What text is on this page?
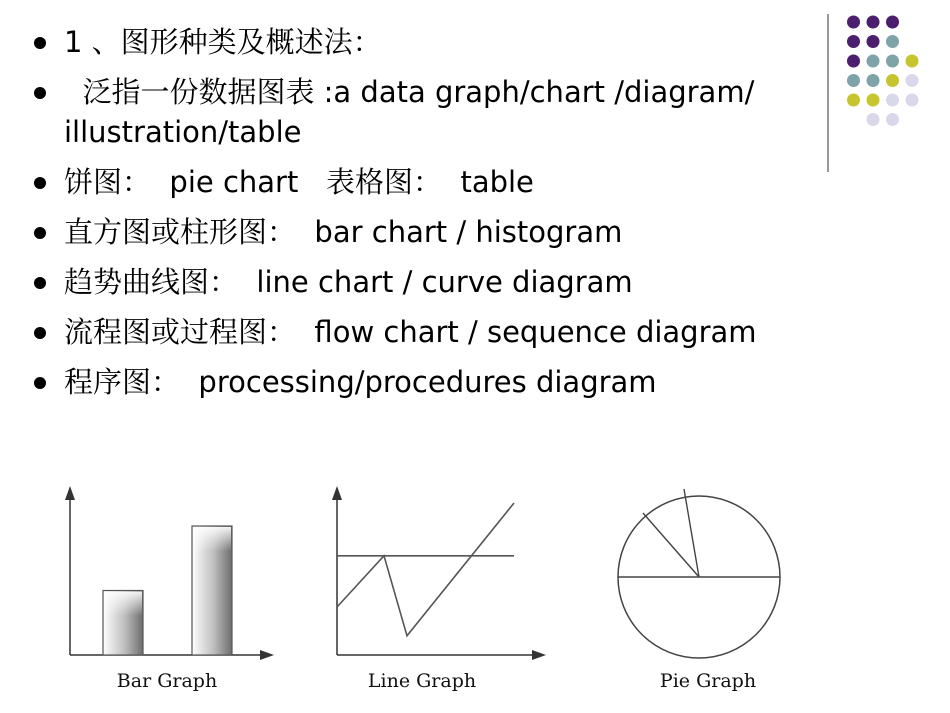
1 、图形种类及概述法：
泛指一份数据图表 :a data graph/chart /diagram/ illustration/table
饼图：  pie chart   表格图：  table
直方图或柱形图：  bar chart / histogram
趋势曲线图：  line chart / curve diagram
流程图或过程图：  flow chart / sequence diagram
程序图：  processing/procedures diagram
Bar Graph	Line Graph	Pie Graph
